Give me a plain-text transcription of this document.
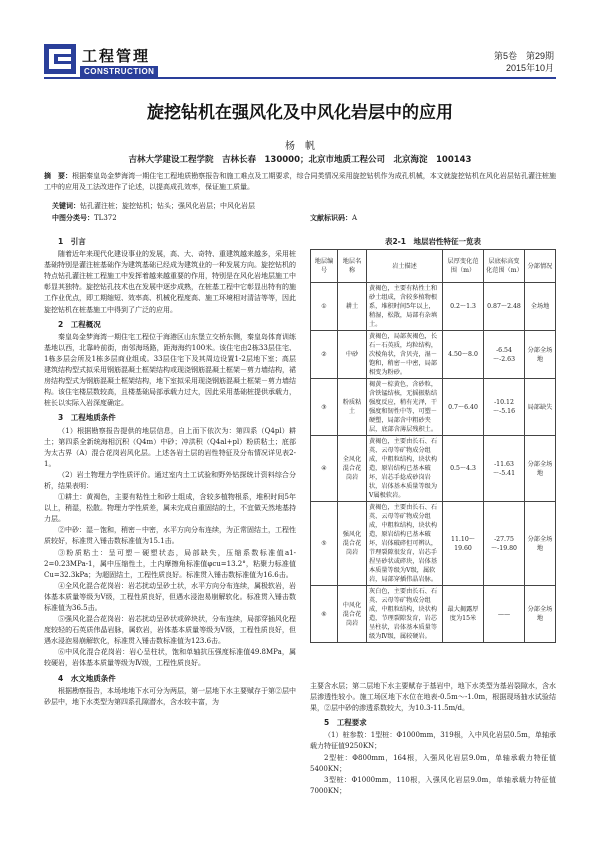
工程管理
CONSTRUCTION
第5卷　第29期
2015年10月
旋挖钻机在强风化及中风化岩层中的应用
杨　帆
吉林大学建设工程学院　吉林长春　130000；北京市地质工程公司　北京海淀　100143
摘　要：根据秦皇岛金梦海湾一期住宅工程地质勘察报告和施工难点及工期要求，综合同类情况采用旋挖钻机作为成孔机械，本文就旋挖钻机在风化岩层钻孔灌注桩施工中的应用及工法改进作了论述，以提高成孔效率，保证施工质量。
关键词：钻孔灌注桩；旋挖钻机；钻头；强风化岩层；中风化岩层
中图分类号：TL372	文献标识码：A
1　引言

随着近年来现代化建设事业的发展，高、大、奇特、重建筑越来越多，采用桩基础特别是灌注桩基础作为建筑基础已经成为建筑业的一种发展方向。旋挖钻机的特点钻孔灌注桩工程施工中发挥着越来越重要的作用，特别是在风化岩地层施工中彰显其独特。旋挖钻孔技术也在发展中逐步成熟，在桩基工程中它彰显出特有的施工作业优点，即工期缩短、效率高、机械化程度高、施工环境相对清洁等等，因此旋挖钻机在桩基施工中得到了广泛的应用。

2　工程概况

秦皇岛金梦海湾一期住宅工程位于海港区山东堡立交桥东侧，秦皇岛体育训练基地以西，北靠岭前街，南邻海场路，距海海约100米。该住宅由2栋33层住宅、1栋多层会所及1栋多层商业组成。33层住宅下及其周边设置1-2层地下室；高层建筑结构型式拟采用钢筋混凝土框架结构或现浇钢筋混凝土框架－剪力墙结构，裙房结构型式为钢筋混凝土框架结构，地下室拟采用现浇钢筋混凝土框架－剪力墙结构。该住宅楼层数较高，且楼基础局部承载力过大，因此采用基础桩提供承载力，桩长以实际入岩深度确定。

3　工程地质条件

（1）根据勘察报告提供的地层信息，自上而下依次为：第四系（Q4pl）耕土；第四系全新统海相沉积（Q4m）中砂；冲洪积（Q4al+pl）粉质粘土；底部为太古界（A）混合花岗岩风化层。上述各岩土层的岩性特征及分布情况详见表2-1。

（2）岩土物理力学性质评价。通过室内土工试验和野外钻探统计资料综合分析，结果表明：

①耕土：黄褐色，主要有粘性土和砂土组成，含较多植物根系，堆积时间5年以上，稍湿，松散。物理力学性质差，属未完成自重固结的土，不宜做天然地基持力层。

②中砂：湿－饱和，稍密－中密，水平方向分布连续，为正常固结土，工程性质较好，标准贯入锤击数标准值为15.1击。

③粉质粘土：呈可塑－硬塑状态，局部缺失，压缩系数标准值a1-2=0.23MPa-1，属中压缩性土，土内摩擦角标准值φcu=13.2°，粘聚力标准值Cu=32.3kPa；为超固结土，工程性质良好。标准贯入锤击数标准值为16.6击。

④全风化混合花岗岩：岩芯扰动呈砂土状，水平方向分布连续，属极软岩，岩体基本质量等级为Ⅴ级，工程性质良好，但遇水浸泡易崩解软化。标准贯入锤击数标准值为36.5击。

⑤强风化混合花岗岩：岩芯扰动呈砂状或碎块状，分布连续，局部穿插风化程度较轻的石英质伟晶岩脉，属软岩，岩体基本质量等级为Ⅴ级，工程性质良好，但遇水浸泡易崩解软化，标准贯入锤击数标准值为123.6击。

⑥中风化混合花岗岩：岩心呈柱状，饱和单轴抗压强度标准值49.8MPa，属较硬岩，岩体基本质量等级为Ⅳ级，工程性质良好。

4　水文地质条件

根据勘察报告，本场地地下水可分为两层，第一层地下水主要赋存于第②层中砂层中，地下水类型为第四系孔隙潜水，含水较丰富，为

表2-1　地层岩性特征一览表
地层编号	地层名称	岩土描述	层厚变化范围（m）	层底标高变化范围（m）	分部情况
①	耕土	黄褐色，主要有粘性土和砂土组成，含较多植物根系，堆积时间5年以上，稍湿，松散，局部有杂填土。	0.2～1.3	0.87～2.48	全场地
②	中砂	黄褐色，局部灰褐色，长石－石英质，均粒结构，次棱角状，含贝壳，湿－饱和，稍密－中密，局部相变为粉砂。	4.50～8.0	-6.54～-2.63	分部全场地
③	粉质粘土	褐黄－棕黄色，含砂粒，含铁锰结核，无摇振粘结强度反应，稍有光泽，干强度和韧性中等，可塑－硬塑，局部含中粗砂夹层，底部含薄层残积土。	0.7～6.40	-10.12～-5.16	局部缺失
④	全风化混合花岗岩	黄褐色，主要由长石、石英、云母等矿物成分组成，中粗粒结构，块状构造，原岩结构已基本破坏，岩芯手捻成砂岗岩状，岩体基本质量等级为Ⅴ属极软岩。	0.5～4.3	-11.63～-5.41	分部全场地
⑤	强风化混合花岗岩	黄褐色，主要由长石、石英、云母等矿物成分组成，中粗粒结构，块状构造，原岩结构已基本破坏，岩体破碎但可辨认，节理裂隙很发育，岩芯手捏呈砂状或碎块，岩体基本质量等级为Ⅴ级，属软岩，局部穿插伟晶岩脉。	11.10～19.60	-27.75～-19.80	分部全场地
⑥	中风化混合花岗岩	灰白色，主要由长石、石英、云母等矿物成分组成，中粗粒结构，块状构造，节理裂隙发育，岩芯呈柱状，岩体基本质量等级为Ⅳ级，属较硬岩。	最大揭露厚度为15米	——	分部全场地

主要含水层；第二层地下水主要赋存于基岩中，地下水类型为基岩裂隙水，含水层渗透性较小。施工场区地下水位在地表-0.5m～-1.0m，根据现场抽水试验结果，②层中砂的渗透系数较大，为10.3-11.5m/d。

5　工程要求

（1）桩参数：1型桩：Φ1000mm，319根，入中风化岩层0.5m，单轴承载力特征值9250KN；

2型桩：Φ800mm，164根，入强风化岩层9.0m，单轴承载力特征值5400KN；

3型桩：Φ1000mm，110根，入强风化岩层9.0m，单轴承载力特征值7000KN；
